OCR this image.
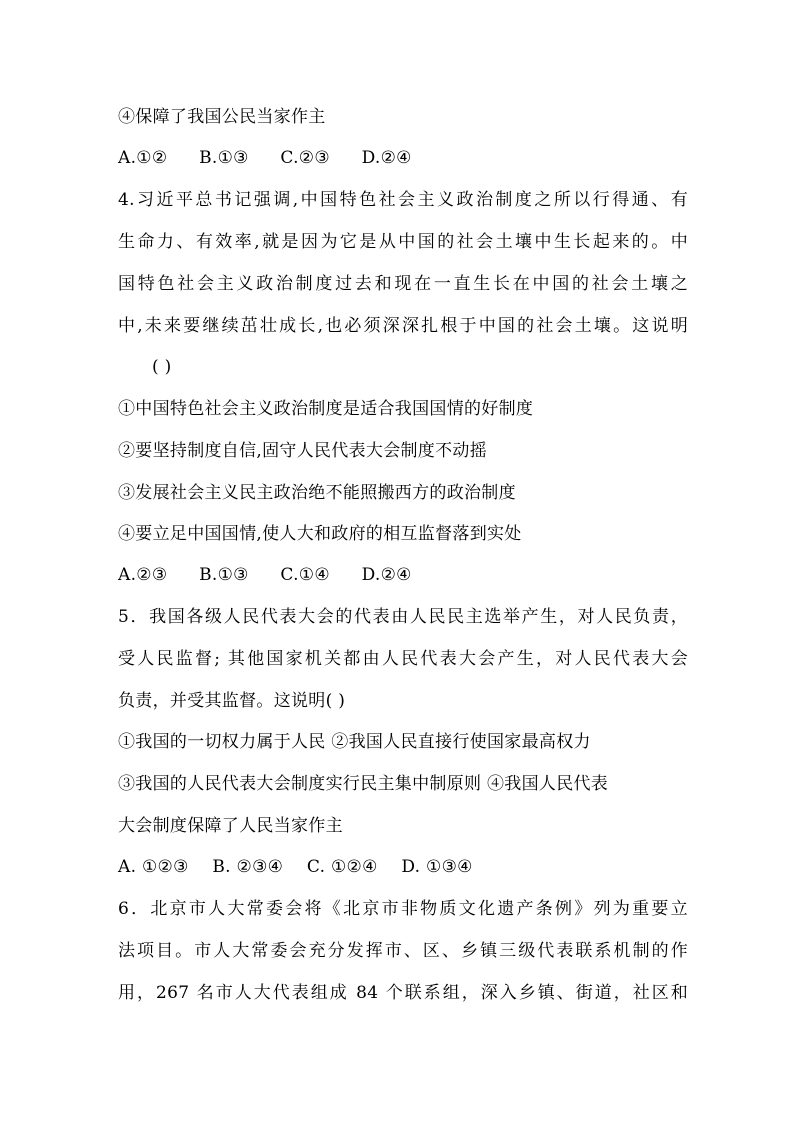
④保障了我国公民当家作主
A.①② B.①③ C.②③ D.②④
4.习近平总书记强调,中国特色社会主义政治制度之所以行得通、有
生命力、有效率,就是因为它是从中国的社会土壤中生长起来的。中
国特色社会主义政治制度过去和现在一直生长在中国的社会土壤之
中,未来要继续茁壮成长,也必须深深扎根于中国的社会土壤。这说明
( )
①中国特色社会主义政治制度是适合我国国情的好制度
②要坚持制度自信,固守人民代表大会制度不动摇
③发展社会主义民主政治绝不能照搬西方的政治制度
④要立足中国国情,使人大和政府的相互监督落到实处
A.②③ B.①③ C.①④ D.②④
5．我国各级人民代表大会的代表由人民民主选举产生，对人民负责，
受人民监督; 其他国家机关都由人民代表大会产生，对人民代表大会
负责，并受其监督。这说明( )
①我国的一切权力属于人民 ②我国人民直接行使国家最高权力
③我国的人民代表大会制度实行民主集中制原则 ④我国人民代表
大会制度保障了人民当家作主
A. ①②③ B. ②③④ C. ①②④ D. ①③④
6．北京市人大常委会将《北京市非物质文化遗产条例》列为重要立
法项目。市人大常委会充分发挥市、区、乡镇三级代表联系机制的作
用，267 名市人大代表组成 84 个联系组，深入乡镇、街道，社区和
